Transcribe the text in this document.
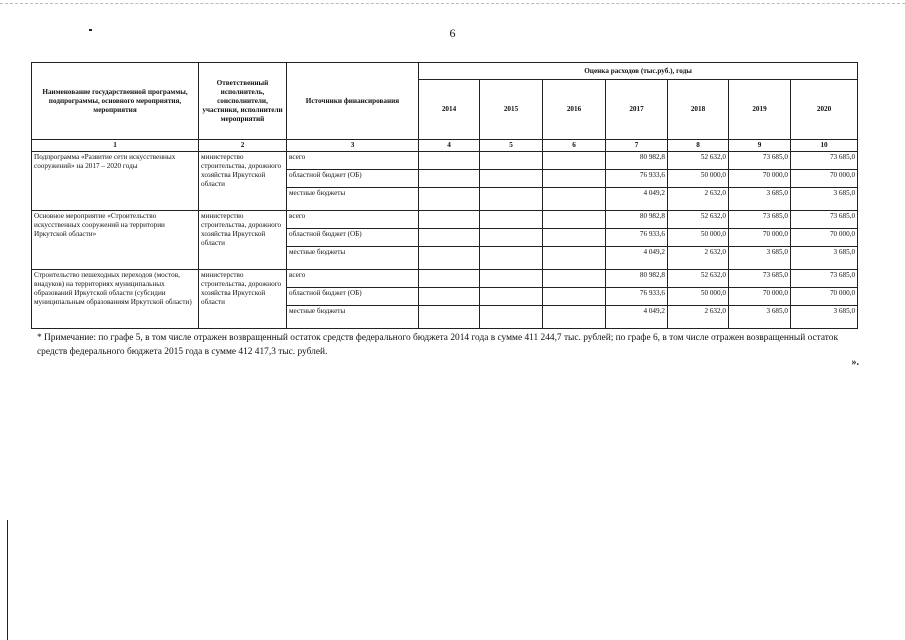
6
Наименование государственной программы, подпрограммы, основного мероприятия, мероприятия	Ответственный исполнитель, соисполнители, участники, исполнители мероприятий	Источники финансирования	Оценка расходов (тыс.руб.), годы						
			2014	2015	2016	2017	2018	2019	2020
1	2	3	4	5	6	7	8	9	10
Подпрограмма «Развитие сети искусственных сооружений» на 2017 – 2020 годы	министерство строительства, дорожного хозяйства Иркутской области	всего				80 982,8	52 632,0	73 685,0	73 685,0
		областной бюджет (ОБ)				76 933,6	50 000,0	70 000,0	70 000,0
		местные бюджеты				4 049,2	2 632,0	3 685,0	3 685,0
Основное мероприятие «Строительство искусственных сооружений на территории Иркутской области»	министерство строительства, дорожного хозяйства Иркутской области	всего				80 982,8	52 632,0	73 685,0	73 685,0
		областной бюджет (ОБ)				76 933,6	50 000,0	70 000,0	70 000,0
		местные бюджеты				4 049,2	2 632,0	3 685,0	3 685,0
Строительство пешеходных переходов (мостов, виадуков) на территориях муниципальных образований Иркутской области (субсидии муниципальным образованиям Иркутской области)	министерство строительства, дорожного хозяйства Иркутской области	всего				80 982,8	52 632,0	73 685,0	73 685,0
		областной бюджет (ОБ)				76 933,6	50 000,0	70 000,0	70 000,0
		местные бюджеты				4 049,2	2 632,0	3 685,0	3 685,0
* Примечание: по графе 5, в том числе отражен возвращенный остаток средств федерального бюджета 2014 года в сумме 411 244,7 тыс. рублей; по графе 6, в том числе отражен возвращенный остаток средств федерального бюджета 2015 года в сумме 412 417,3 тыс. рублей.
».
